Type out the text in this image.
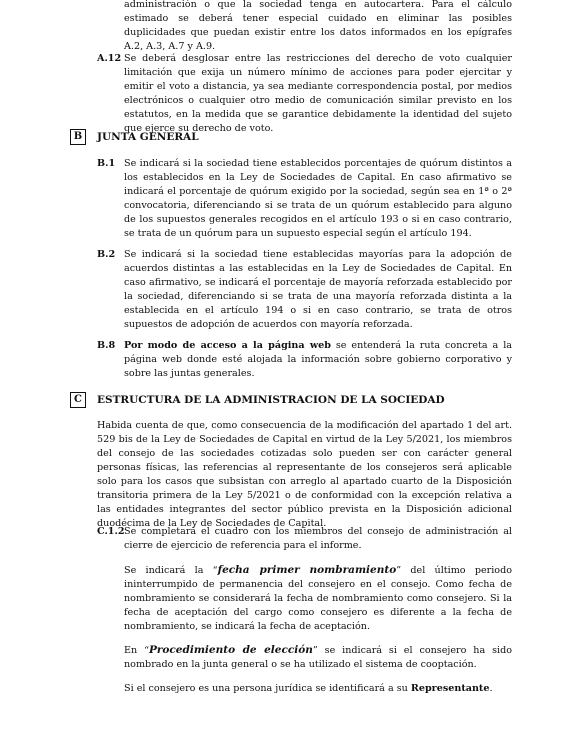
administración o que la sociedad tenga en autocartera. Para el cálculo estimado se deberá tener especial cuidado en eliminar las posibles duplicidades que puedan existir entre los datos informados en los epígrafes A.2, A.3, A.7 y A.9.

A.12 Se deberá desglosar entre las restricciones del derecho de voto cualquier limitación que exija un número mínimo de acciones para poder ejercitar y emitir el voto a distancia, ya sea mediante correspondencia postal, por medios electrónicos o cualquier otro medio de comunicación similar previsto en los estatutos, en la medida que se garantice debidamente la identidad del sujeto que ejerce su derecho de voto.

B	JUNTA GENERAL

B.1 Se indicará si la sociedad tiene establecidos porcentajes de quórum distintos a los establecidos en la Ley de Sociedades de Capital. En caso afirmativo se indicará el porcentaje de quórum exigido por la sociedad, según sea en 1ª o 2ª convocatoria, diferenciando si se trata de un quórum establecido para alguno de los supuestos generales recogidos en el artículo 193 o si en caso contrario, se trata de un quórum para un supuesto especial según el artículo 194.

B.2 Se indicará si la sociedad tiene establecidas mayorías para la adopción de acuerdos distintas a las establecidas en la Ley de Sociedades de Capital. En caso afirmativo, se indicará el porcentaje de mayoría reforzada establecido por la sociedad, diferenciando si se trata de una mayoría reforzada distinta a la establecida en el artículo 194 o si en caso contrario, se trata de otros supuestos de adopción de acuerdos con mayoría reforzada.

B.8 Por modo de acceso a la página web se entenderá la ruta concreta a la página web donde esté alojada la información sobre gobierno corporativo y sobre las juntas generales.

C	ESTRUCTURA DE LA ADMINISTRACION DE LA SOCIEDAD

Habida cuenta de que, como consecuencia de la modificación del apartado 1 del art. 529 bis de la Ley de Sociedades de Capital en virtud de la Ley 5/2021, los miembros del consejo de las sociedades cotizadas solo pueden ser con carácter general personas físicas, las referencias al representante de los consejeros será aplicable solo para los casos que subsistan con arreglo al apartado cuarto de la Disposición transitoria primera de la Ley 5/2021 o de conformidad con la excepción relativa a las entidades integrantes del sector público prevista en la Disposición adicional duodécima de la Ley de Sociedades de Capital.

C.1.2 Se completará el cuadro con los miembros del consejo de administración al cierre de ejercicio de referencia para el informe.

Se indicará la “fecha primer nombramiento” del último periodo ininterrumpido de permanencia del consejero en el consejo. Como fecha de nombramiento se considerará la fecha de nombramiento como consejero. Si la fecha de aceptación del cargo como consejero es diferente a la fecha de nombramiento, se indicará la fecha de aceptación.

En “Procedimiento de elección” se indicará si el consejero ha sido nombrado en la junta general o se ha utilizado el sistema de cooptación.

Si el consejero es una persona jurídica se identificará a su Representante.
